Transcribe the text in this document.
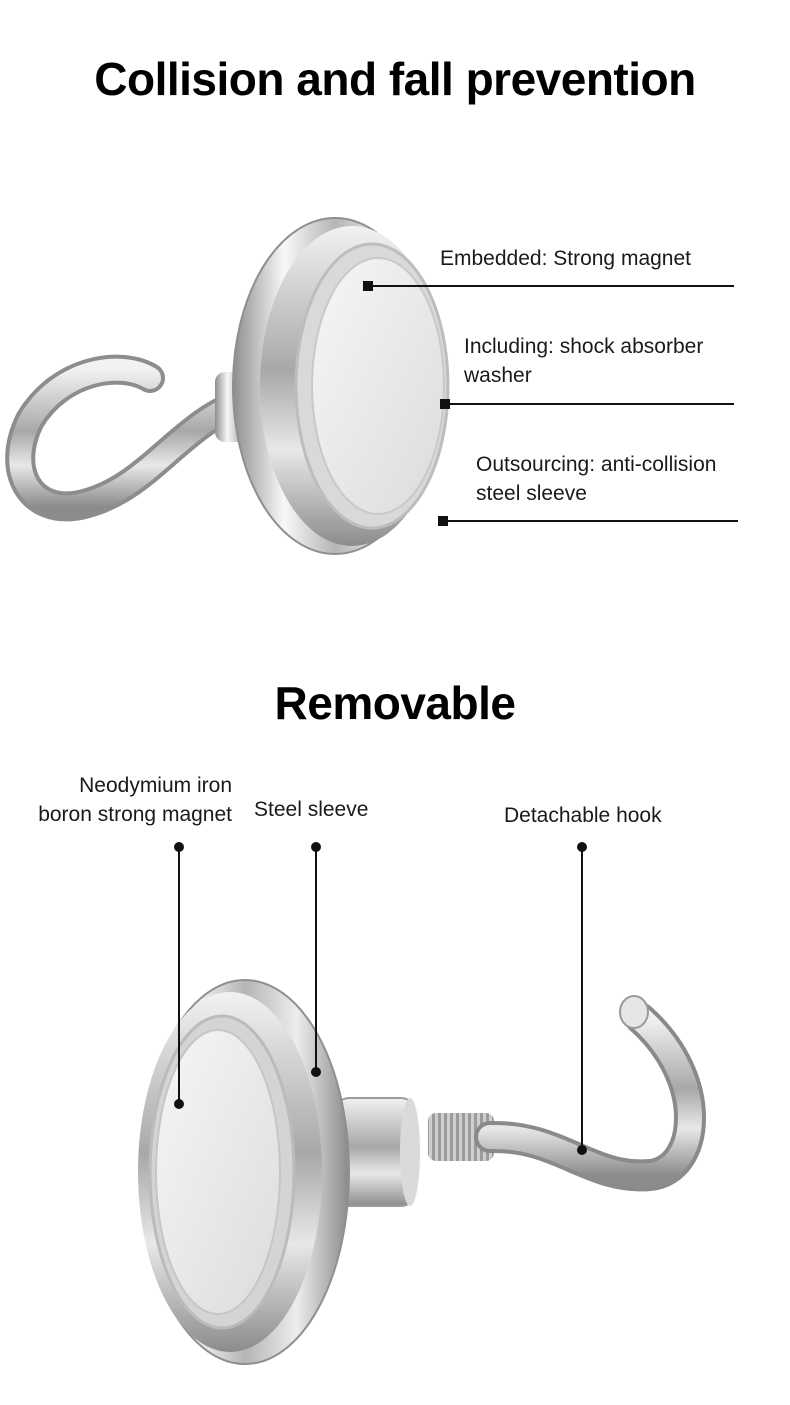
Collision and fall prevention
Embedded: Strong magnet
Including: shock absorber
washer
Outsourcing: anti-collision
steel sleeve
Removable
Neodymium iron
boron strong magnet Steel sleeve	Detachable hook
